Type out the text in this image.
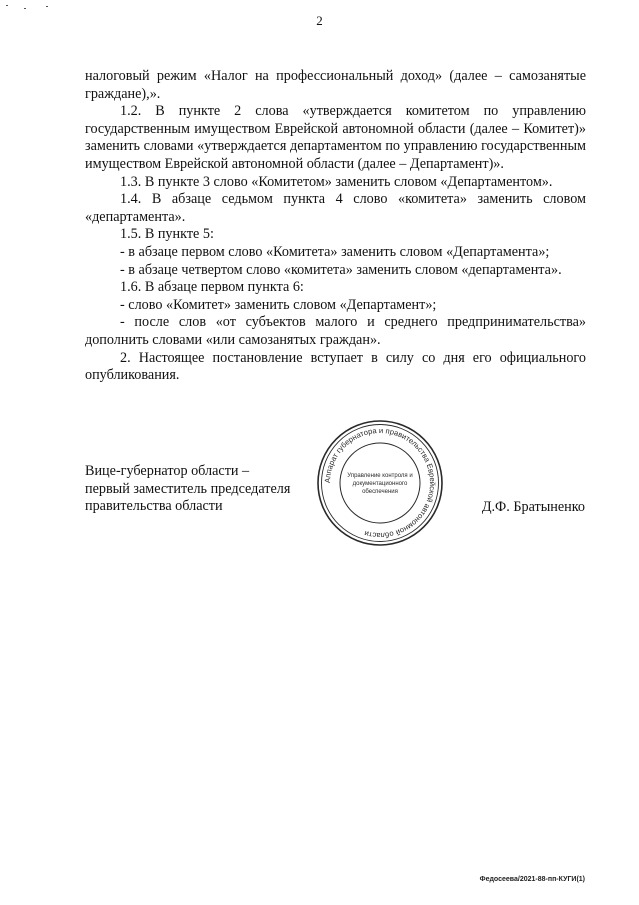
2

налоговый режим «Налог на профессиональный доход» (далее – самозанятые граждане),».

1.2. В пункте 2 слова «утверждается комитетом по управлению государственным имуществом Еврейской автономной области (далее – Комитет)» заменить словами «утверждается департаментом по управлению государственным имуществом Еврейской автономной области (далее – Департамент)».

1.3. В пункте 3 слово «Комитетом» заменить словом «Департаментом».

1.4. В абзаце седьмом пункта 4 слово «комитета» заменить словом «департамента».

1.5. В пункте 5:

- в абзаце первом слово «Комитета» заменить словом «Департамента»;

- в абзаце четвертом слово «комитета» заменить словом «департамента».

1.6. В абзаце первом пункта 6:

- слово «Комитет» заменить словом «Департамент»;

- после слов «от субъектов малого и среднего предпринимательства» дополнить словами «или самозанятых граждан».

2. Настоящее постановление вступает в силу со дня его официального опубликования.

Вице-губернатор области –
первый заместитель председателя
правительства области
Аппарат губернатора и правительства Еврейской автономной области
Управление контроля и
документационного
обеспечения
Д.Ф. Братыненко
Федосеева/2021-88-пп-КУГИ(1)
